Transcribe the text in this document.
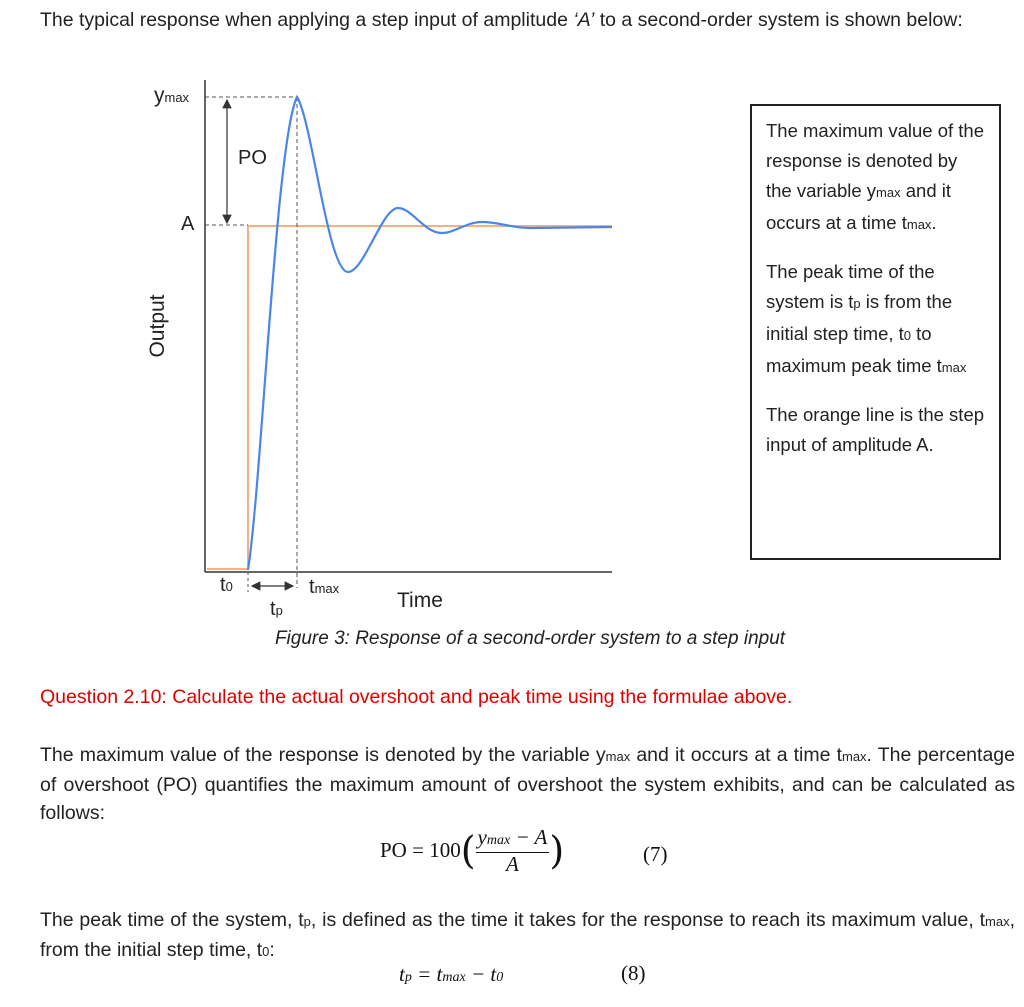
The typical response when applying a step input of amplitude ‘A’ to a second-order system is shown below:
ymax
PO
A
Output
t0	tmax
tp	Time

The maximum value of the response is denoted by the variable ymax and it occurs at a time tmax.

The peak time of the system is tp is from the initial step time, t0 to maximum peak time tmax

The orange line is the step input of amplitude A.

Figure 3: Response of a second-order system to a step input
Question 2.10: Calculate the actual overshoot and peak time using the formulae above.
The maximum value of the response is denoted by the variable ymax and it occurs at a time tmax. The percentage of overshoot (PO) quantifies the maximum amount of overshoot the system exhibits, and can be calculated as follows:
PO = $100( \frac{ymax - A}{A}$ )	(7)
The peak time of the system, tp, is defined as the time it takes for the response to reach its maximum value, tmax, from the initial step time, t0:
tp = tmax − t0	(8)
